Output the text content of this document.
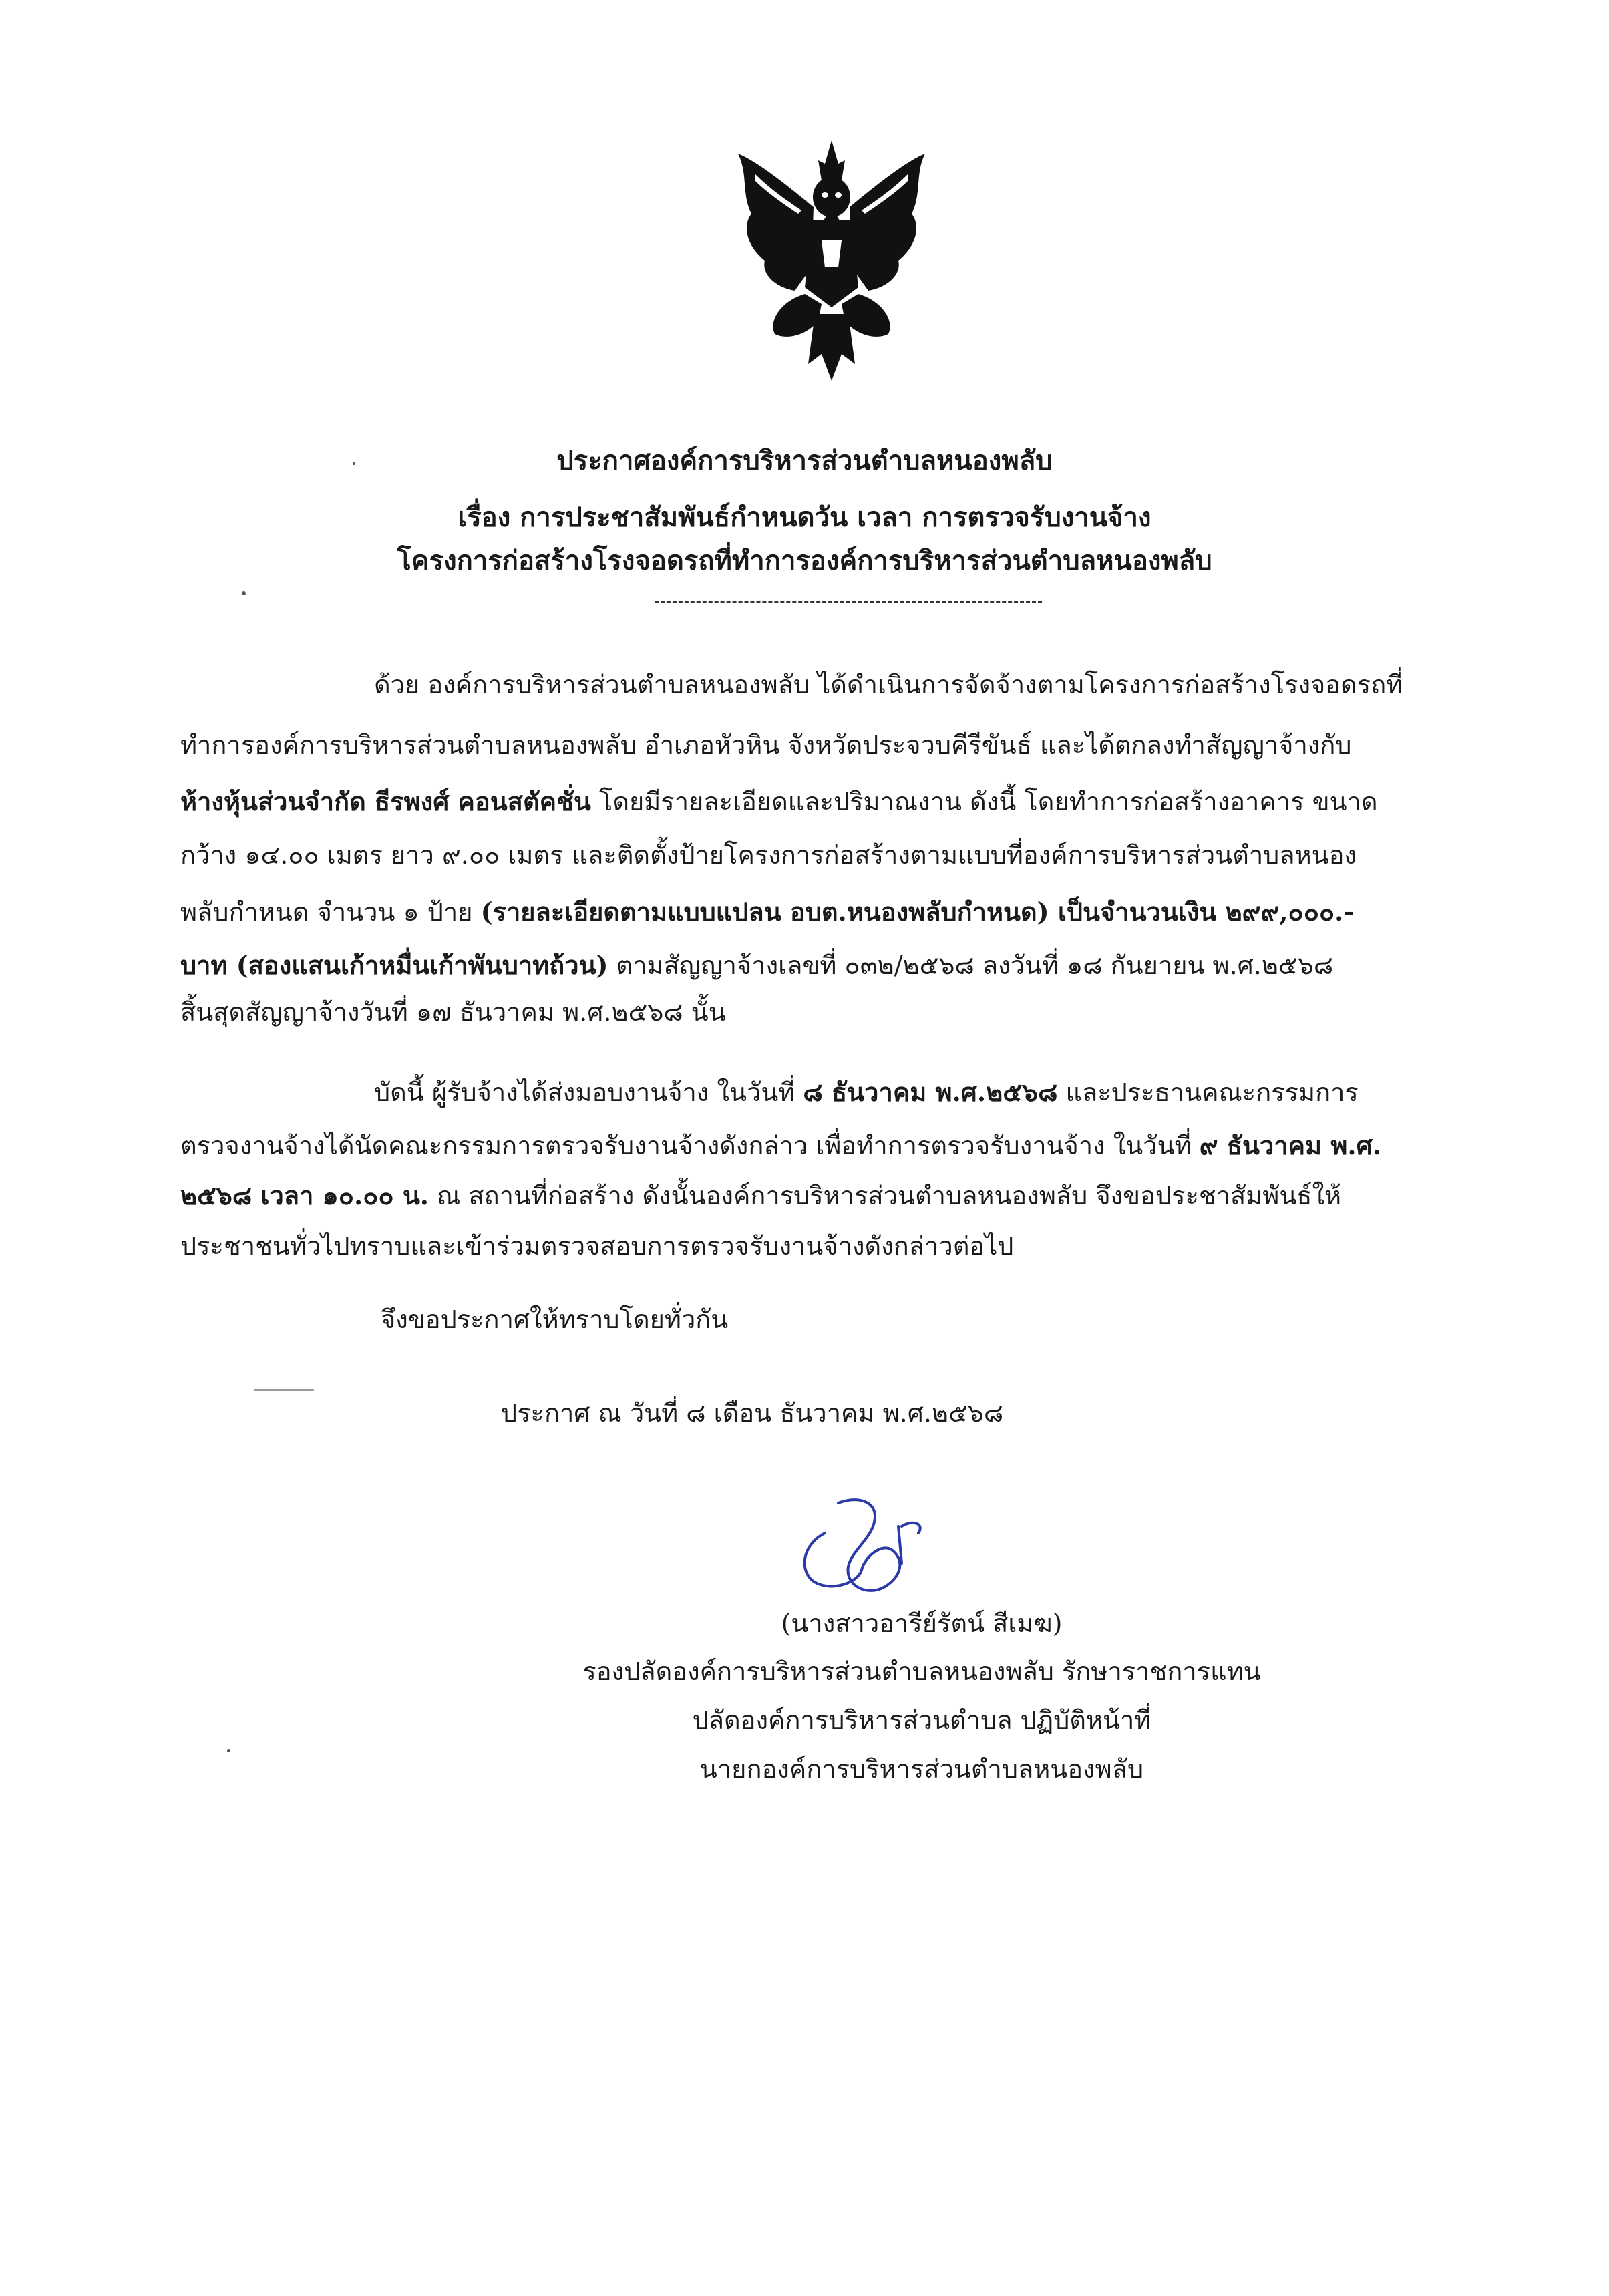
ประกาศองค์การบริหารส่วนตำบลหนองพลับ
เรื่อง การประชาสัมพันธ์กำหนดวัน เวลา การตรวจรับงานจ้าง
โครงการก่อสร้างโรงจอดรถที่ทำการองค์การบริหารส่วนตำบลหนองพลับ
ด้วย องค์การบริหารส่วนตำบลหนองพลับ ได้ดำเนินการจัดจ้างตามโครงการก่อสร้างโรงจอดรถที่
ทำการองค์การบริหารส่วนตำบลหนองพลับ อำเภอหัวหิน จังหวัดประจวบคีรีขันธ์ และได้ตกลงทำสัญญาจ้างกับ
ห้างหุ้นส่วนจำกัด ธีรพงศ์ คอนสตัคชั่น โดยมีรายละเอียดและปริมาณงาน ดังนี้ โดยทำการก่อสร้างอาคาร ขนาด
กว้าง ๑๔.๐๐ เมตร ยาว ๙.๐๐ เมตร และติดตั้งป้ายโครงการก่อสร้างตามแบบที่องค์การบริหารส่วนตำบลหนอง
พลับกำหนด จำนวน ๑ ป้าย (รายละเอียดตามแบบแปลน อบต.หนองพลับกำหนด) เป็นจำนวนเงิน ๒๙๙,๐๐๐.-
บาท (สองแสนเก้าหมื่นเก้าพันบาทถ้วน) ตามสัญญาจ้างเลขที่ ๐๓๒/๒๕๖๘ ลงวันที่ ๑๘ กันยายน พ.ศ.๒๕๖๘
สิ้นสุดสัญญาจ้างวันที่ ๑๗ ธันวาคม พ.ศ.๒๕๖๘ นั้น
บัดนี้ ผู้รับจ้างได้ส่งมอบงานจ้าง ในวันที่ ๘ ธันวาคม พ.ศ.๒๕๖๘ และประธานคณะกรรมการ
ตรวจงานจ้างได้นัดคณะกรรมการตรวจรับงานจ้างดังกล่าว เพื่อทำการตรวจรับงานจ้าง ในวันที่ ๙ ธันวาคม พ.ศ.
๒๕๖๘ เวลา ๑๐.๐๐ น. ณ สถานที่ก่อสร้าง ดังนั้นองค์การบริหารส่วนตำบลหนองพลับ จึงขอประชาสัมพันธ์ให้
ประชาชนทั่วไปทราบและเข้าร่วมตรวจสอบการตรวจรับงานจ้างดังกล่าวต่อไป
จึงขอประกาศให้ทราบโดยทั่วกัน
ประกาศ ณ วันที่ ๘ เดือน ธันวาคม พ.ศ.๒๕๖๘
(นางสาวอารีย์รัตน์ สีเมฆ)
รองปลัดองค์การบริหารส่วนตำบลหนองพลับ รักษาราชการแทน
ปลัดองค์การบริหารส่วนตำบล ปฏิบัติหน้าที่
นายกองค์การบริหารส่วนตำบลหนองพลับ
